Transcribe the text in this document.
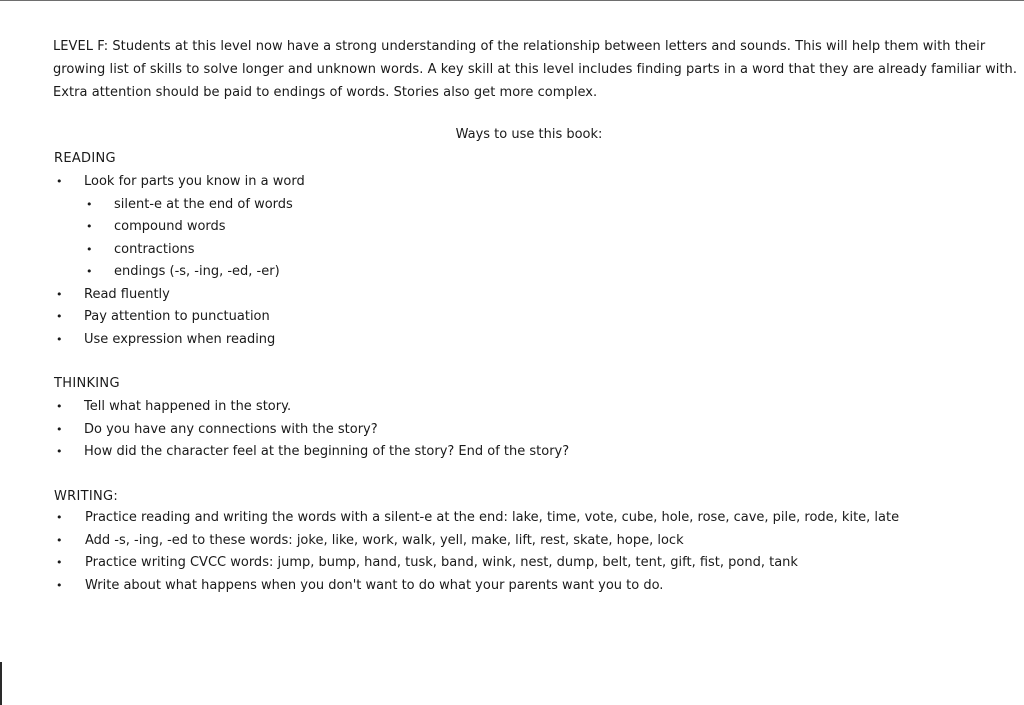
LEVEL F: Students at this level now have a strong understanding of the relationship between letters and sounds. This will help them with their

growing list of skills to solve longer and unknown words. A key skill at this level includes finding parts in a word that they are already familiar with.

Extra attention should be paid to endings of words. Stories also get more complex.

Ways to use this book:
READING
• Look for parts you know in a word
• silent-e at the end of words
• compound words
• contractions
• endings (-s, -ing, -ed, -er)
• Read fluently
• Pay attention to punctuation
• Use expression when reading
THINKING
• Tell what happened in the story.
• Do you have any connections with the story?
• How did the character feel at the beginning of the story? End of the story?
WRITING:
• Practice reading and writing the words with a silent-e at the end: lake, time, vote, cube, hole, rose, cave, pile, rode, kite, late
• Add -s, -ing, -ed to these words: joke, like, work, walk, yell, make, lift, rest, skate, hope, lock
• Practice writing CVCC words: jump, bump, hand, tusk, band, wink, nest, dump, belt, tent, gift, fist, pond, tank
• Write about what happens when you don't want to do what your parents want you to do.
